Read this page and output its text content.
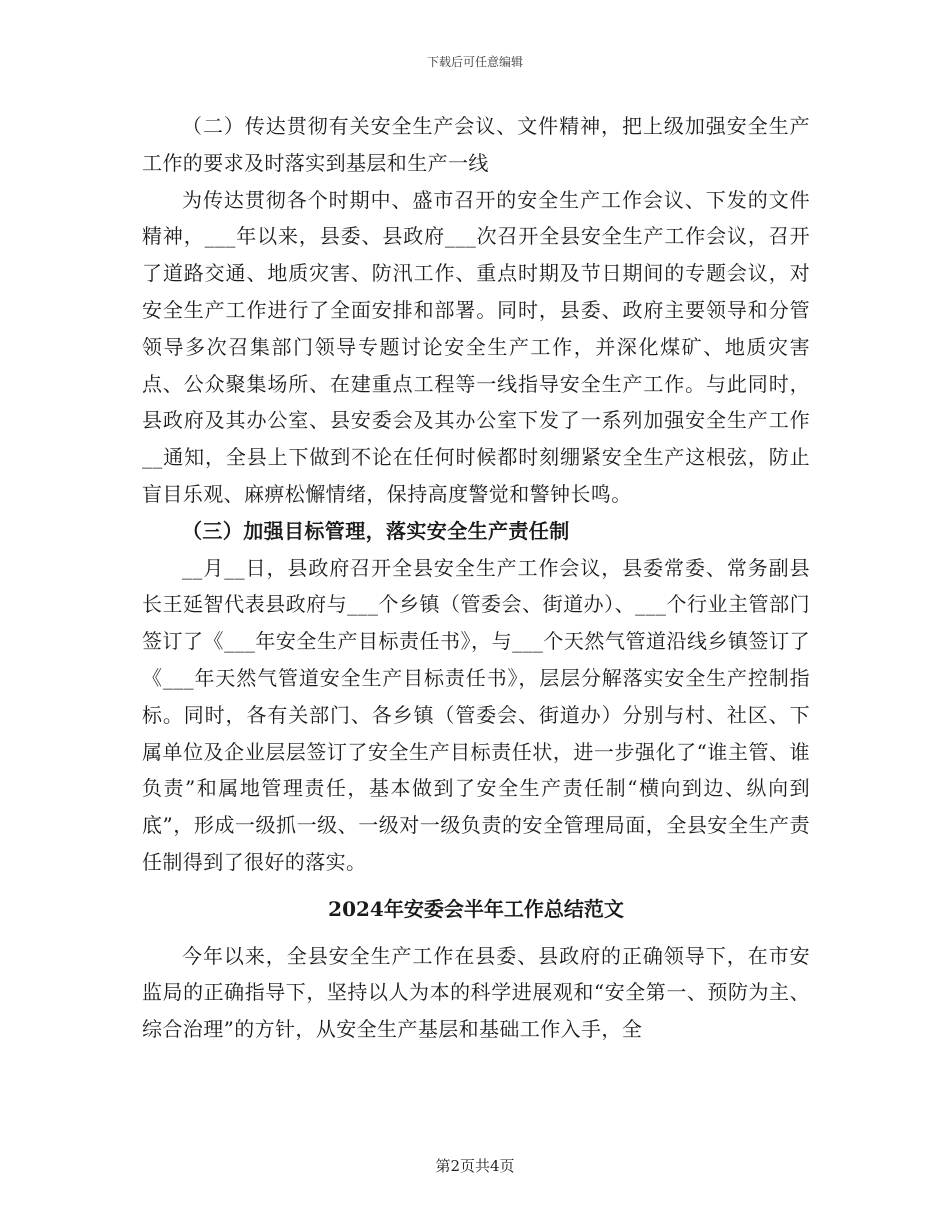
下载后可任意编辑

（二）传达贯彻有关安全生产会议、文件精神，把上级加强安全生产工作的要求及时落实到基层和生产一线

为传达贯彻各个时期中、盛市召开的安全生产工作会议、下发的文件精神，___年以来，县委、县政府___次召开全县安全生产工作会议，召开了道路交通、地质灾害、防汛工作、重点时期及节日期间的专题会议，对安全生产工作进行了全面安排和部署。同时，县委、政府主要领导和分管领导多次召集部门领导专题讨论安全生产工作，并深化煤矿、地质灾害点、公众聚集场所、在建重点工程等一线指导安全生产工作。与此同时，县政府及其办公室、县安委会及其办公室下发了一系列加强安全生产工作__通知，全县上下做到不论在任何时候都时刻绷紧安全生产这根弦，防止盲目乐观、麻痹松懈情绪，保持高度警觉和警钟长鸣。

（三）加强目标管理，落实安全生产责任制

__月__日，县政府召开全县安全生产工作会议，县委常委、常务副县长王延智代表县政府与___个乡镇（管委会、街道办）、___个行业主管部门签订了《___年安全生产目标责任书》，与___个天然气管道沿线乡镇签订了《___年天然气管道安全生产目标责任书》，层层分解落实安全生产控制指标。同时，各有关部门、各乡镇（管委会、街道办）分别与村、社区、下属单位及企业层层签订了安全生产目标责任状，进一步强化了“谁主管、谁负责”和属地管理责任，基本做到了安全生产责任制“横向到边、纵向到底”，形成一级抓一级、一级对一级负责的安全管理局面，全县安全生产责任制得到了很好的落实。

2024年安委会半年工作总结范文

今年以来，全县安全生产工作在县委、县政府的正确领导下，在市安监局的正确指导下，坚持以人为本的科学进展观和“安全第一、预防为主、综合治理”的方针，从安全生产基层和基础工作入手，全

第2页共4页
